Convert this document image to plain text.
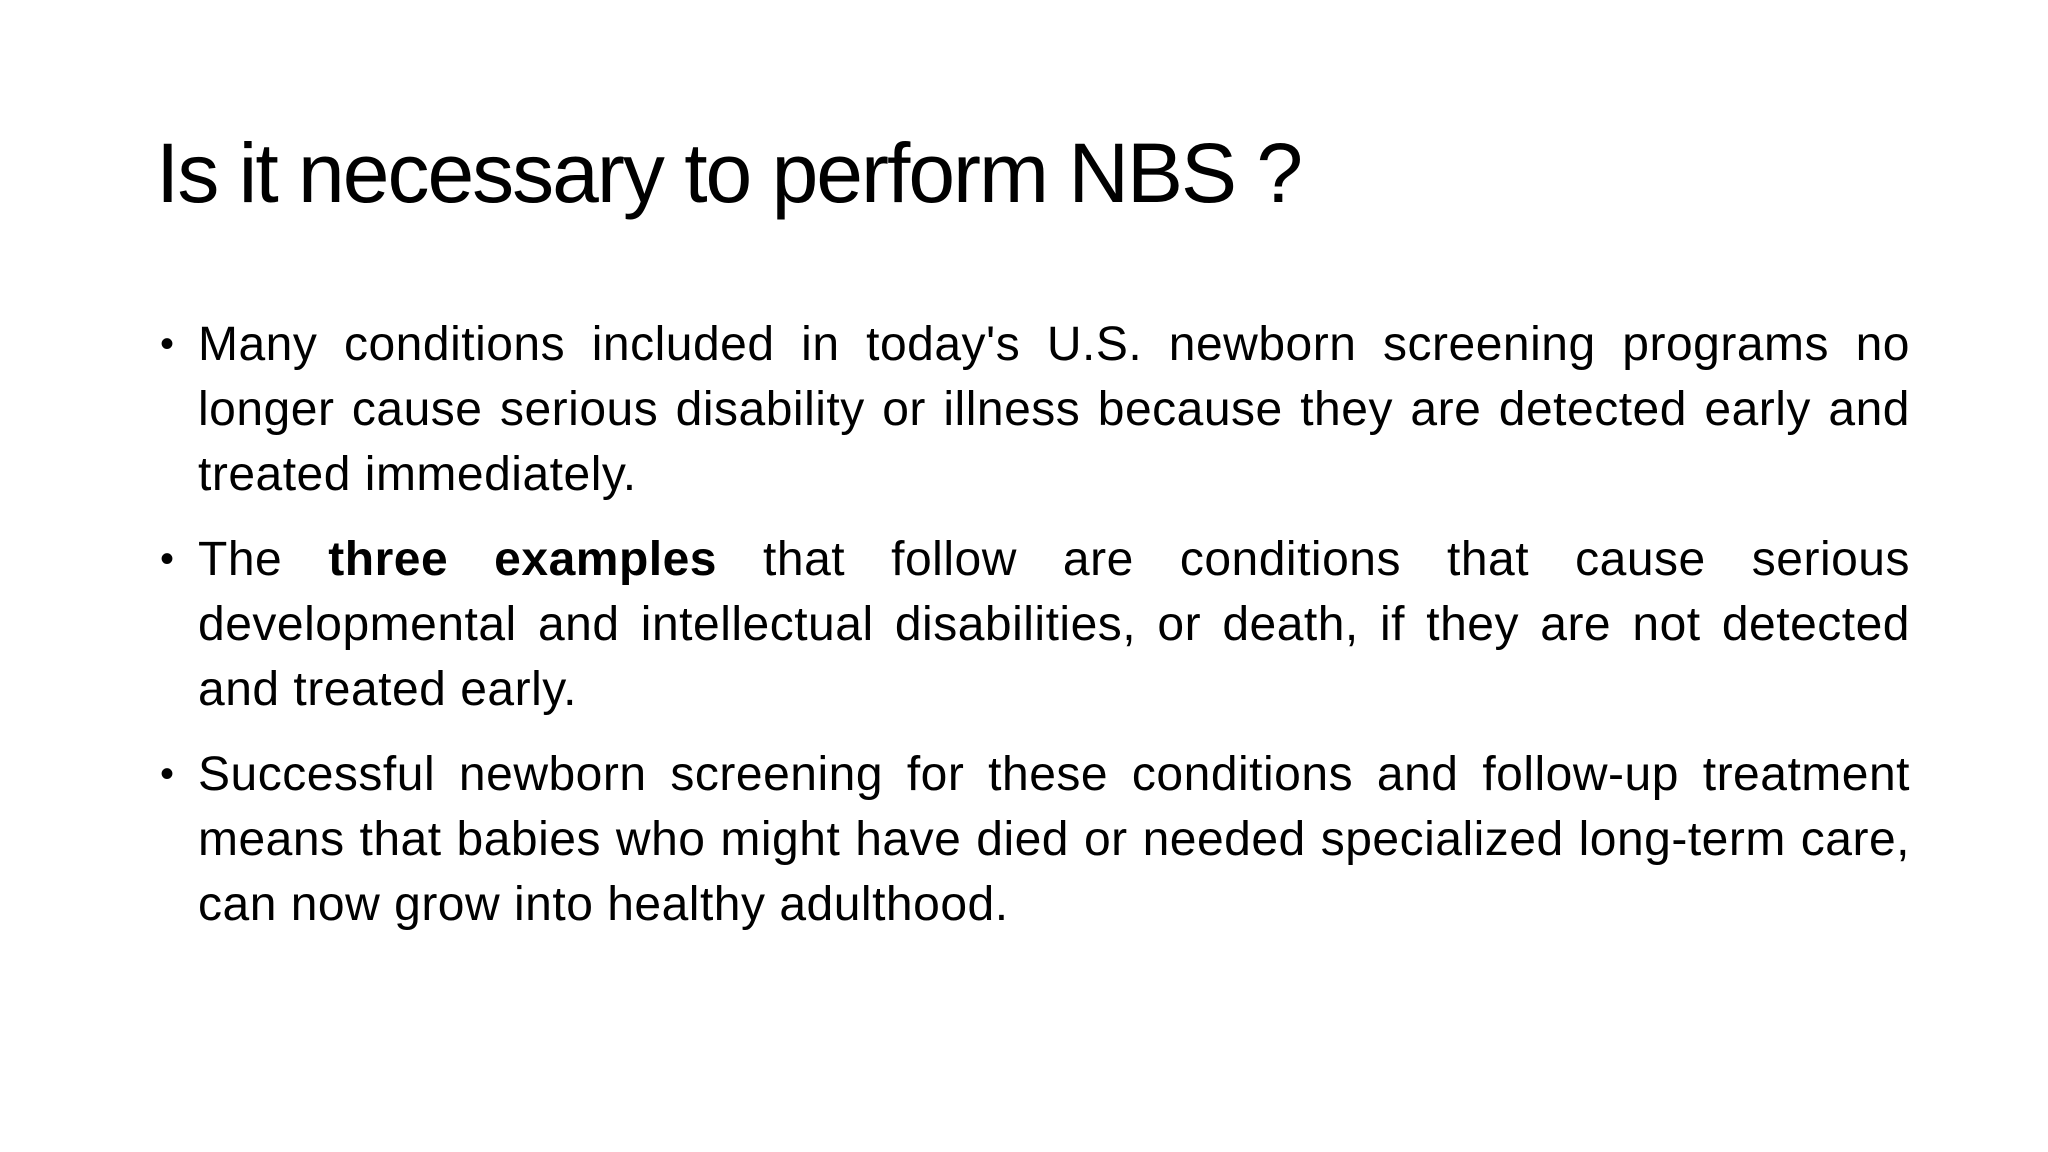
Is it necessary to perform NBS ?
• Many conditions included in today's U.S. newborn screening programs no longer cause serious disability or illness because they are detected early and treated immediately.
• The three examples that follow are conditions that cause serious developmental and intellectual disabilities, or death, if they are not detected and treated early.
• Successful newborn screening for these conditions and follow-up treatment means that babies who might have died or needed specialized long-term care, can now grow into healthy adulthood.
